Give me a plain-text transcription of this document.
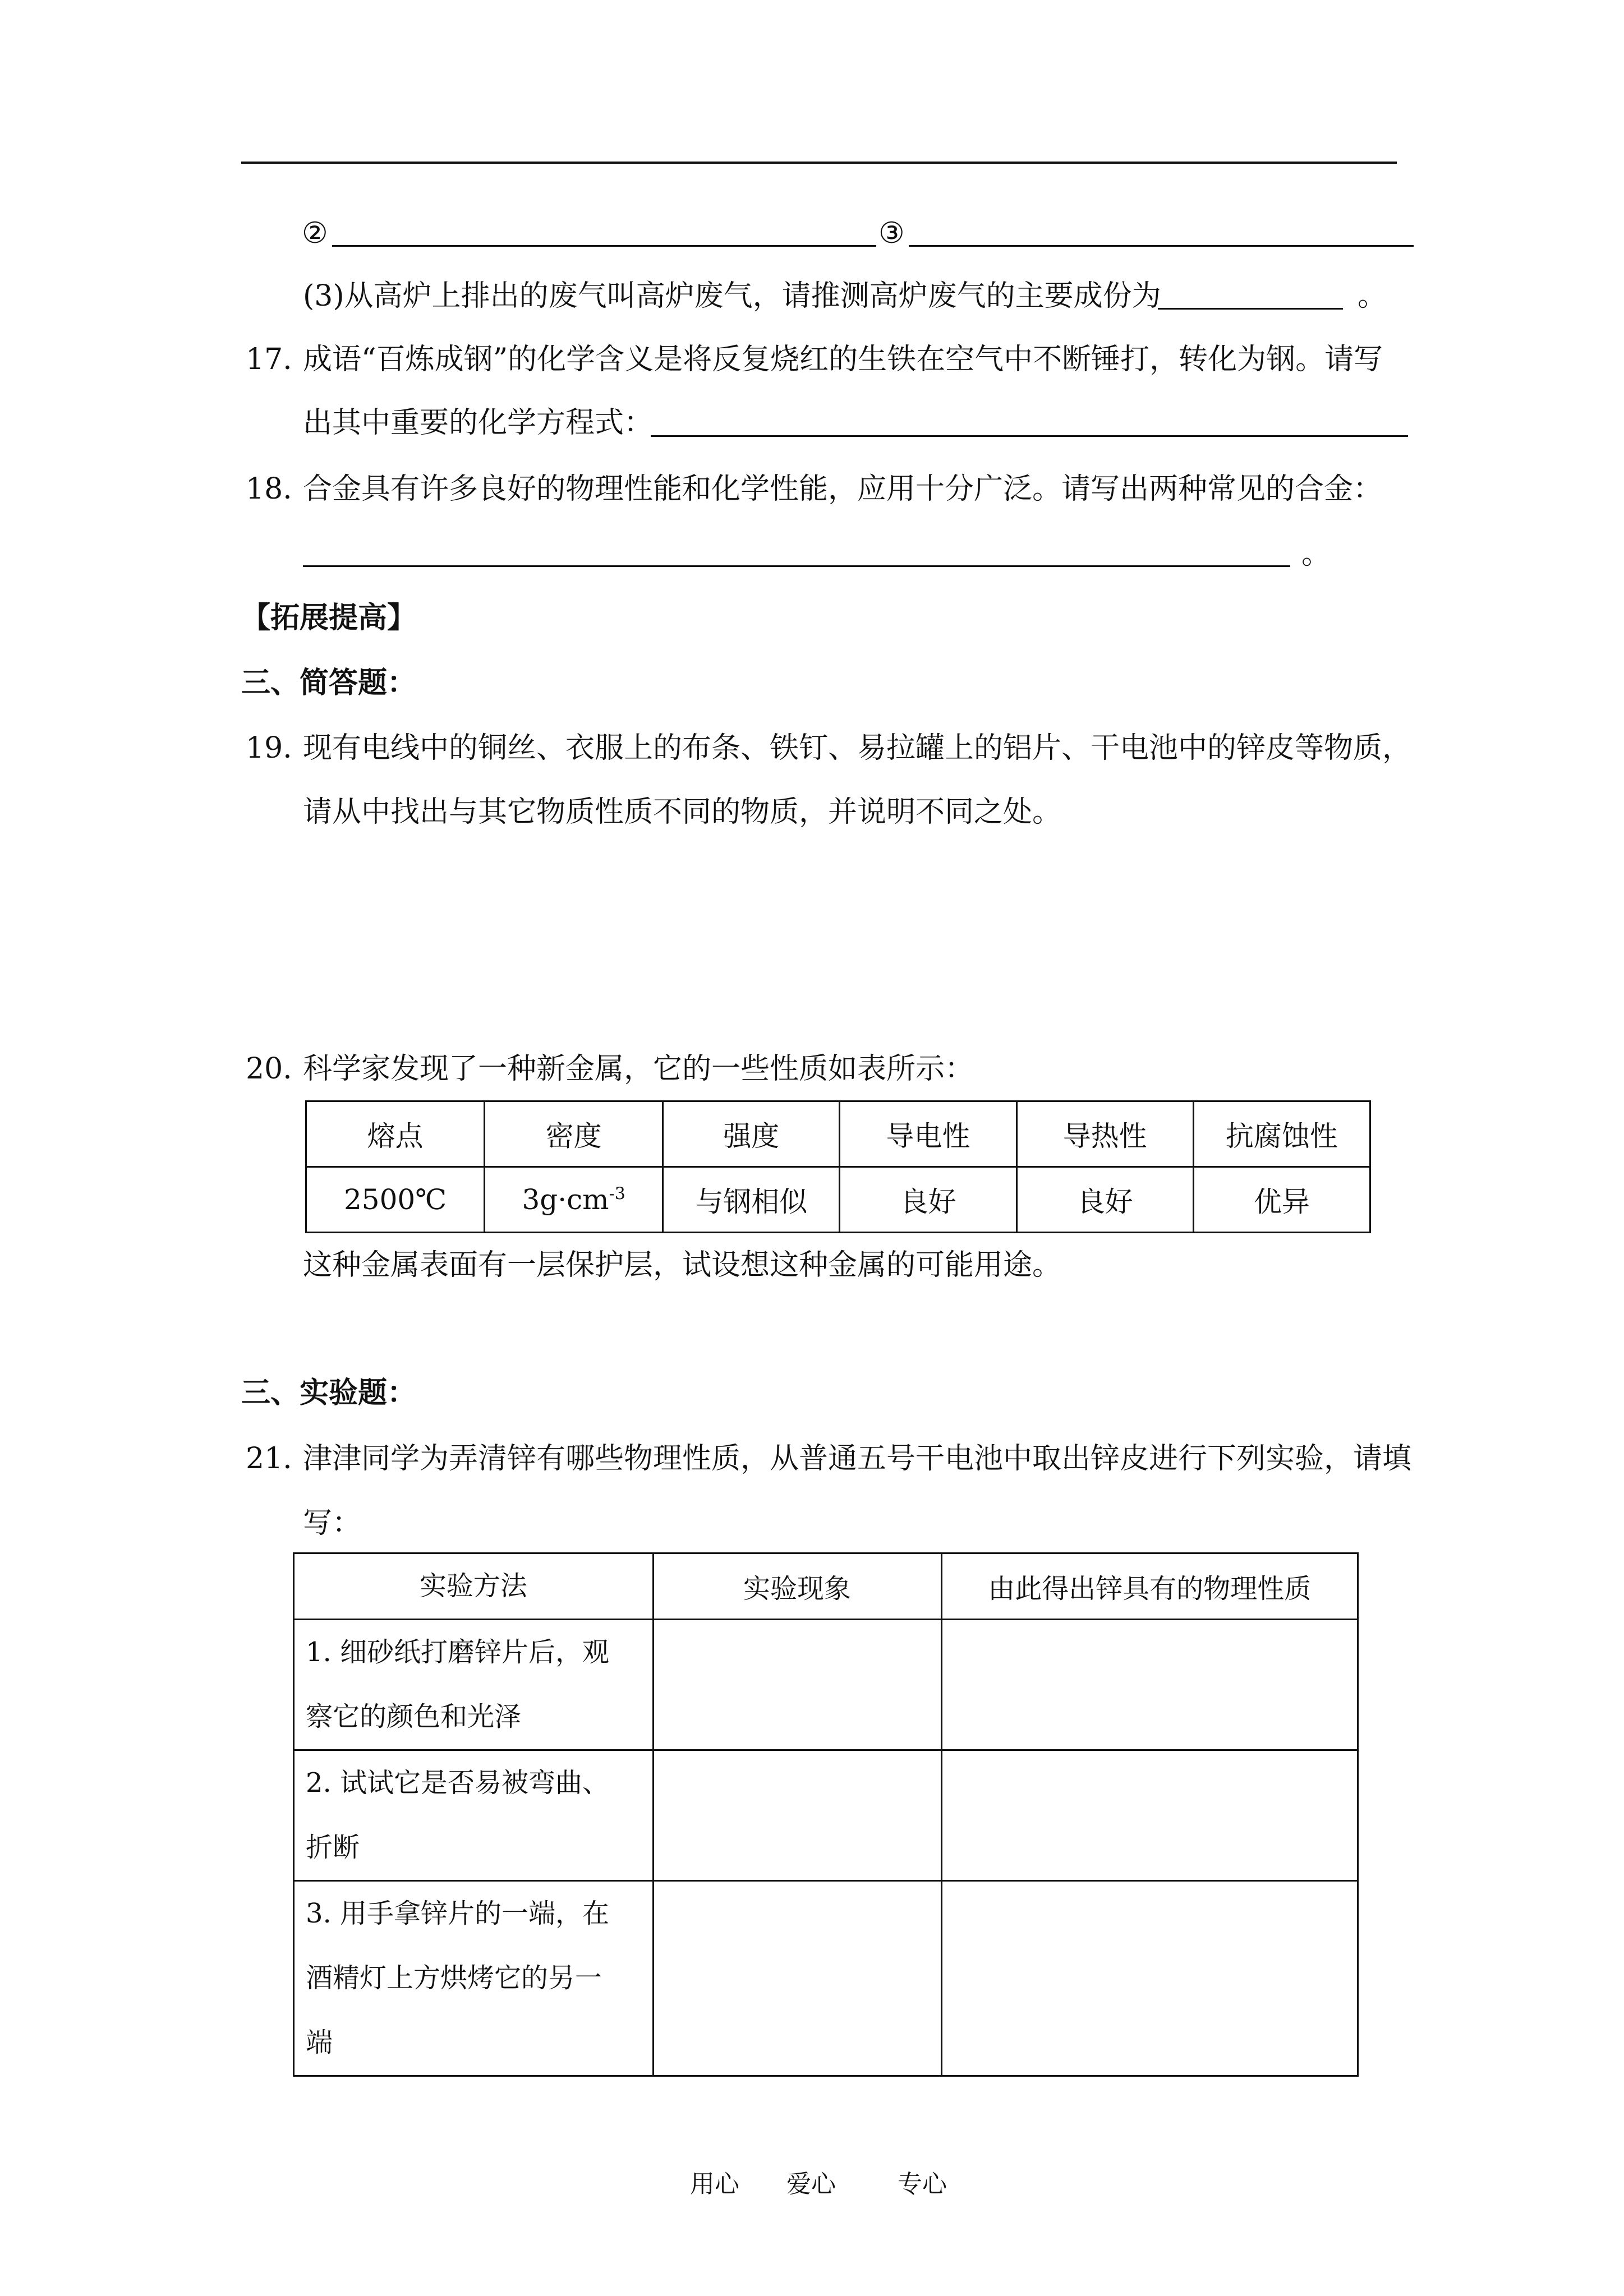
②	③
(3)从高炉上排出的废气叫高炉废气，请推测高炉废气的主要成份为	。
17. 成语“百炼成钢”的化学含义是将反复烧红的生铁在空气中不断锤打，转化为钢。请写
出其中重要的化学方程式：
18. 合金具有许多良好的物理性能和化学性能，应用十分广泛。请写出两种常见的合金：
。
【拓展提高】
三、简答题：
19. 现有电线中的铜丝、衣服上的布条、铁钉、易拉罐上的铝片、干电池中的锌皮等物质，
请从中找出与其它物质性质不同的物质，并说明不同之处。
20. 科学家发现了一种新金属，它的一些性质如表所示：
熔点	密度	强度	导电性	导热性	抗腐蚀性
2500℃	$3g\cdot cm^{-3}$	与钢相似	良好	良好	优异
这种金属表面有一层保护层，试设想这种金属的可能用途。
三、实验题：
21. 津津同学为弄清锌有哪些物理性质，从普通五号干电池中取出锌皮进行下列实验，请填
写：
实验方法	实验现象	由此得出锌具有的物理性质

1. 细砂纸打磨锌片后，观
察它的颜色和光泽		

2. 试试它是否易被弯曲、
折断		

3. 用手拿锌片的一端，在
酒精灯上方烘烤它的另一
端		

用心 爱心	专心
